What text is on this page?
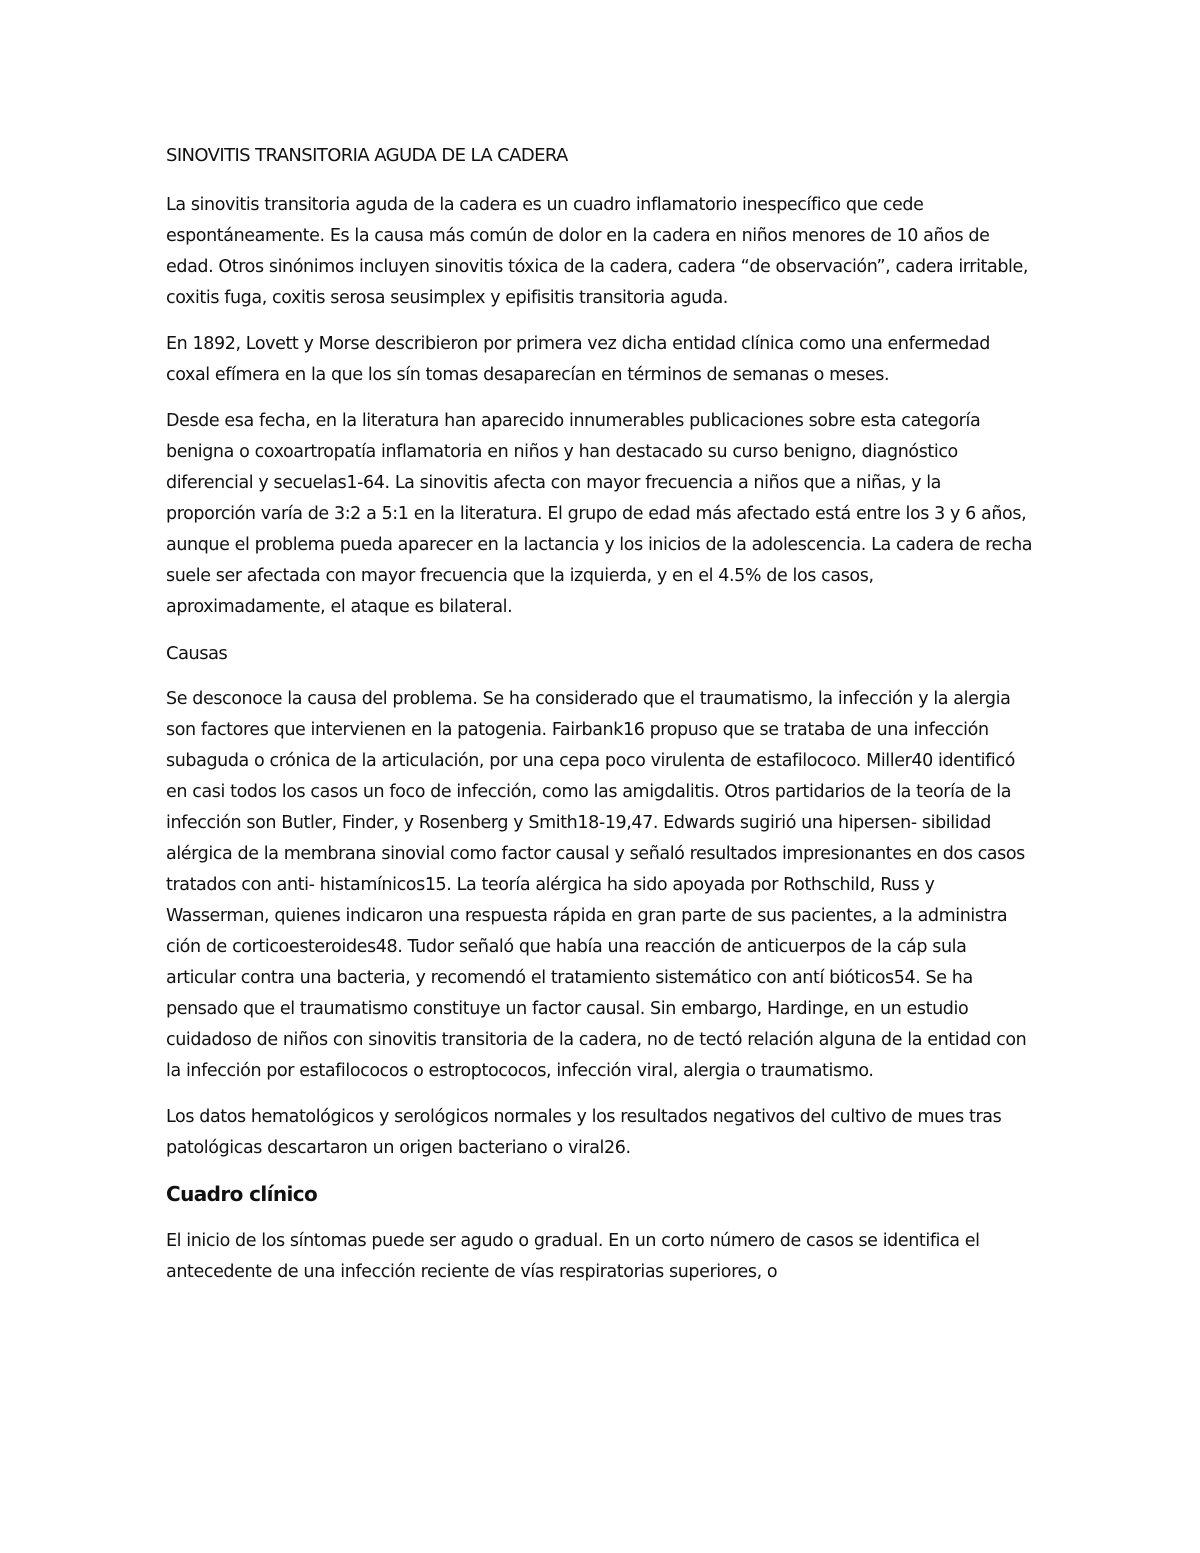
SINOVITIS TRANSITORIA AGUDA DE LA CADERA
La sinovitis transitoria aguda de la cadera es un cuadro inflamatorio inespecífico que cede espontáneamente. Es la causa más común de dolor en la cadera en niños menores de 10 años de edad. Otros sinónimos incluyen sinovitis tóxica de la cadera, cadera “de observación”, cadera irritable, coxitis fuga, coxitis serosa seusimplex y epifisitis transitoria aguda.
En 1892, Lovett y Morse describieron por primera vez dicha entidad clínica como una enfermedad coxal efímera en la que los sín tomas desaparecían en términos de semanas o meses.
Desde esa fecha, en la literatura han aparecido innumerables publicaciones sobre esta categoría benigna o coxoartropatía inflamatoria en niños y han destacado su curso benigno, diagnóstico diferencial y secuelas1-64. La sinovitis afecta con mayor frecuencia a niños que a niñas, y la proporción varía de 3:2 a 5:1 en la literatura. El grupo de edad más afectado está entre los 3 y 6 años, aunque el problema pueda aparecer en la lactancia y los inicios de la adolescencia. La cadera de recha suele ser afectada con mayor frecuencia que la izquierda, y en el 4.5% de los casos, aproximadamente, el ataque es bilateral.
Causas
Se desconoce la causa del problema. Se ha considerado que el traumatismo, la infección y la alergia son factores que intervienen en la patogenia. Fairbank16 propuso que se trataba de una infección subaguda o crónica de la articulación, por una cepa poco virulenta de estafilococo. Miller40 identificó en casi todos los casos un foco de infección, como las amigdalitis. Otros partidarios de la teoría de la infección son Butler, Finder, y Rosenberg y Smith18-19,47. Edwards sugirió una hipersen- sibilidad alérgica de la membrana sinovial como factor causal y señaló resultados impresionantes en dos casos tratados con anti- histamínicos15. La teoría alérgica ha sido apoyada por Rothschild, Russ y Wasserman, quienes indicaron una respuesta rápida en gran parte de sus pacientes, a la administra ción de corticoesteroides48. Tudor señaló que había una reacción de anticuerpos de la cáp sula articular contra una bacteria, y recomendó el tratamiento sistemático con antí bióticos54. Se ha pensado que el traumatismo constituye un factor causal. Sin embargo, Hardinge, en un estudio cuidadoso de niños con sinovitis transitoria de la cadera, no de tectó relación alguna de la entidad con la infección por estafilococos o estroptococos, infección viral, alergia o traumatismo.
Los datos hematológicos y serológicos normales y los resultados negativos del cultivo de mues tras patológicas descartaron un origen bacteriano o viral26.
Cuadro clínico
El inicio de los síntomas puede ser agudo o gradual. En un corto número de casos se identifica el antecedente de una infección reciente de vías respiratorias superiores, o
